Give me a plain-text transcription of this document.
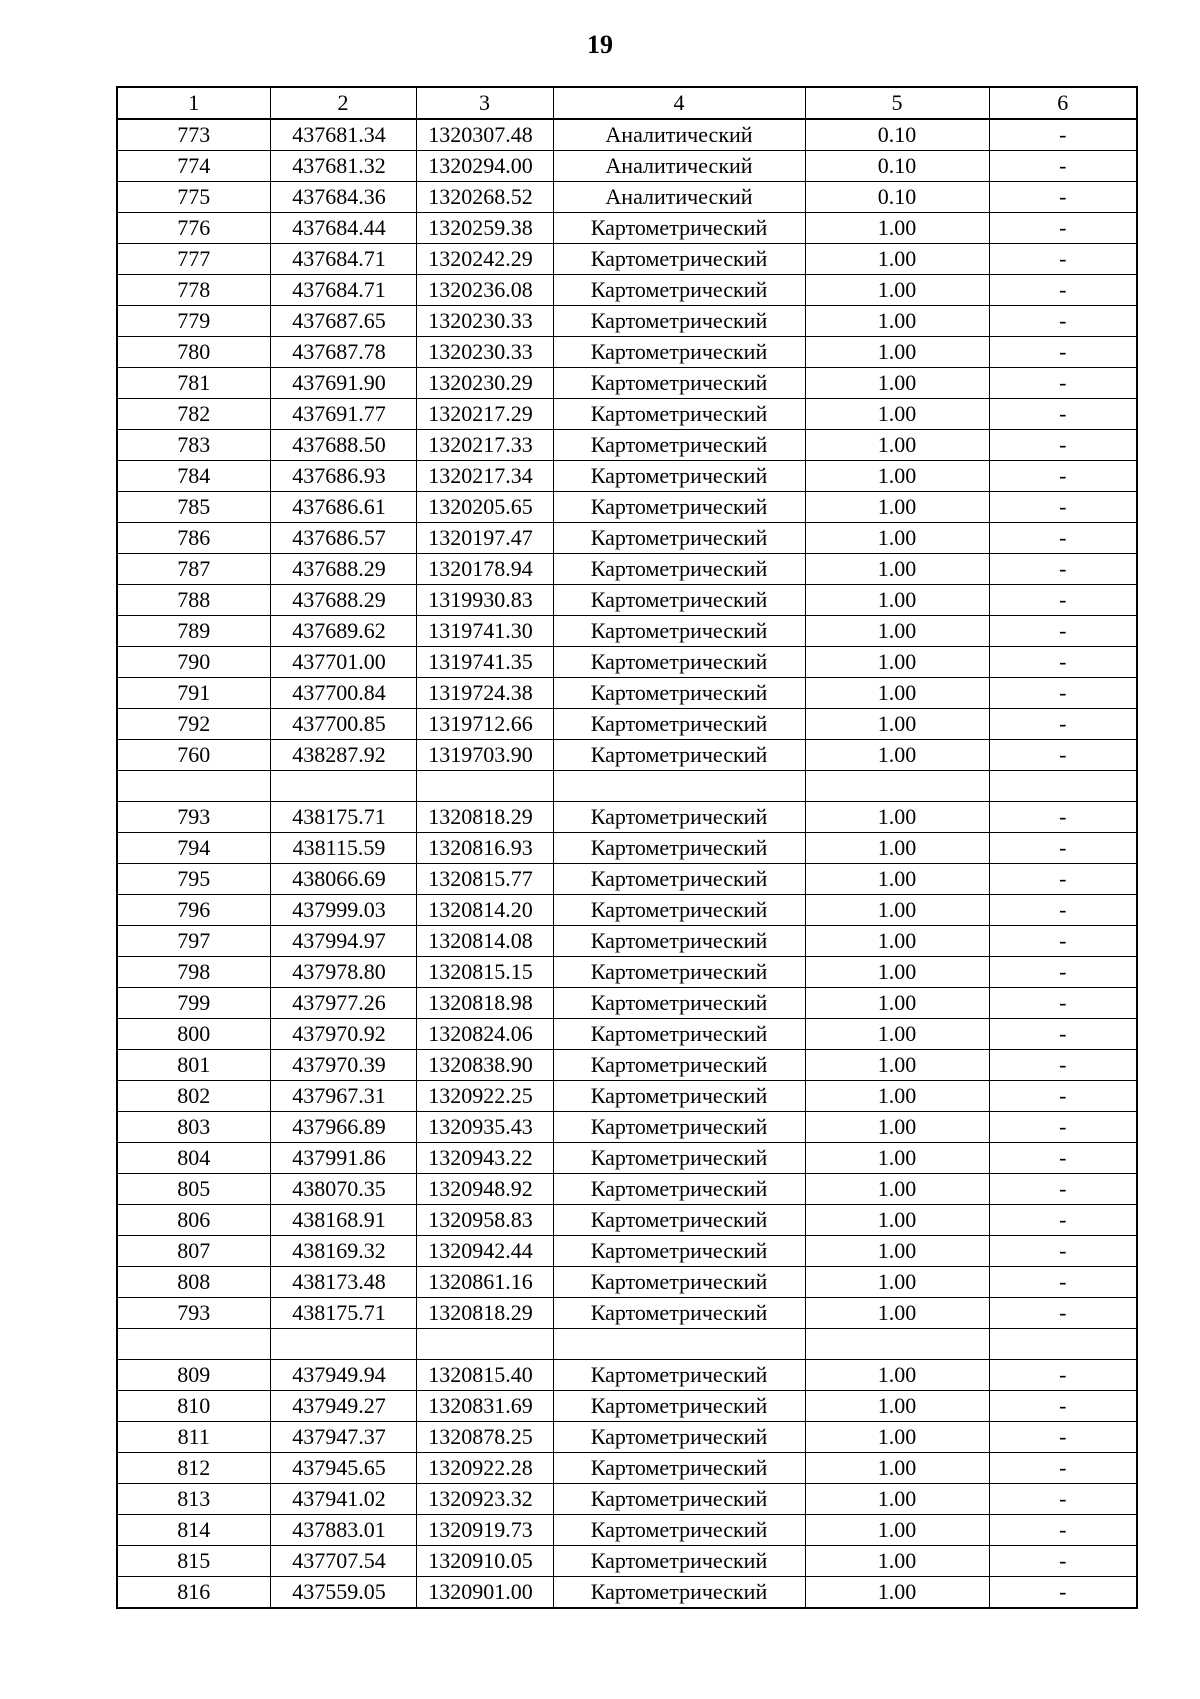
19
1	2	3	4	5	6
773	437681.34	1320307.48	Аналитический	0.10	-
774	437681.32	1320294.00	Аналитический	0.10	-
775	437684.36	1320268.52	Аналитический	0.10	-
776	437684.44	1320259.38	Картометрический	1.00	-
777	437684.71	1320242.29	Картометрический	1.00	-
778	437684.71	1320236.08	Картометрический	1.00	-
779	437687.65	1320230.33	Картометрический	1.00	-
780	437687.78	1320230.33	Картометрический	1.00	-
781	437691.90	1320230.29	Картометрический	1.00	-
782	437691.77	1320217.29	Картометрический	1.00	-
783	437688.50	1320217.33	Картометрический	1.00	-
784	437686.93	1320217.34	Картометрический	1.00	-
785	437686.61	1320205.65	Картометрический	1.00	-
786	437686.57	1320197.47	Картометрический	1.00	-
787	437688.29	1320178.94	Картометрический	1.00	-
788	437688.29	1319930.83	Картометрический	1.00	-
789	437689.62	1319741.30	Картометрический	1.00	-
790	437701.00	1319741.35	Картометрический	1.00	-
791	437700.84	1319724.38	Картометрический	1.00	-
792	437700.85	1319712.66	Картометрический	1.00	-
760	438287.92	1319703.90	Картометрический	1.00	-

793	438175.71	1320818.29	Картометрический	1.00	-
794	438115.59	1320816.93	Картометрический	1.00	-
795	438066.69	1320815.77	Картометрический	1.00	-
796	437999.03	1320814.20	Картометрический	1.00	-
797	437994.97	1320814.08	Картометрический	1.00	-
798	437978.80	1320815.15	Картометрический	1.00	-
799	437977.26	1320818.98	Картометрический	1.00	-
800	437970.92	1320824.06	Картометрический	1.00	-
801	437970.39	1320838.90	Картометрический	1.00	-
802	437967.31	1320922.25	Картометрический	1.00	-
803	437966.89	1320935.43	Картометрический	1.00	-
804	437991.86	1320943.22	Картометрический	1.00	-
805	438070.35	1320948.92	Картометрический	1.00	-
806	438168.91	1320958.83	Картометрический	1.00	-
807	438169.32	1320942.44	Картометрический	1.00	-
808	438173.48	1320861.16	Картометрический	1.00	-
793	438175.71	1320818.29	Картометрический	1.00	-

809	437949.94	1320815.40	Картометрический	1.00	-
810	437949.27	1320831.69	Картометрический	1.00	-
811	437947.37	1320878.25	Картометрический	1.00	-
812	437945.65	1320922.28	Картометрический	1.00	-
813	437941.02	1320923.32	Картометрический	1.00	-
814	437883.01	1320919.73	Картометрический	1.00	-
815	437707.54	1320910.05	Картометрический	1.00	-
816	437559.05	1320901.00	Картометрический	1.00	-
